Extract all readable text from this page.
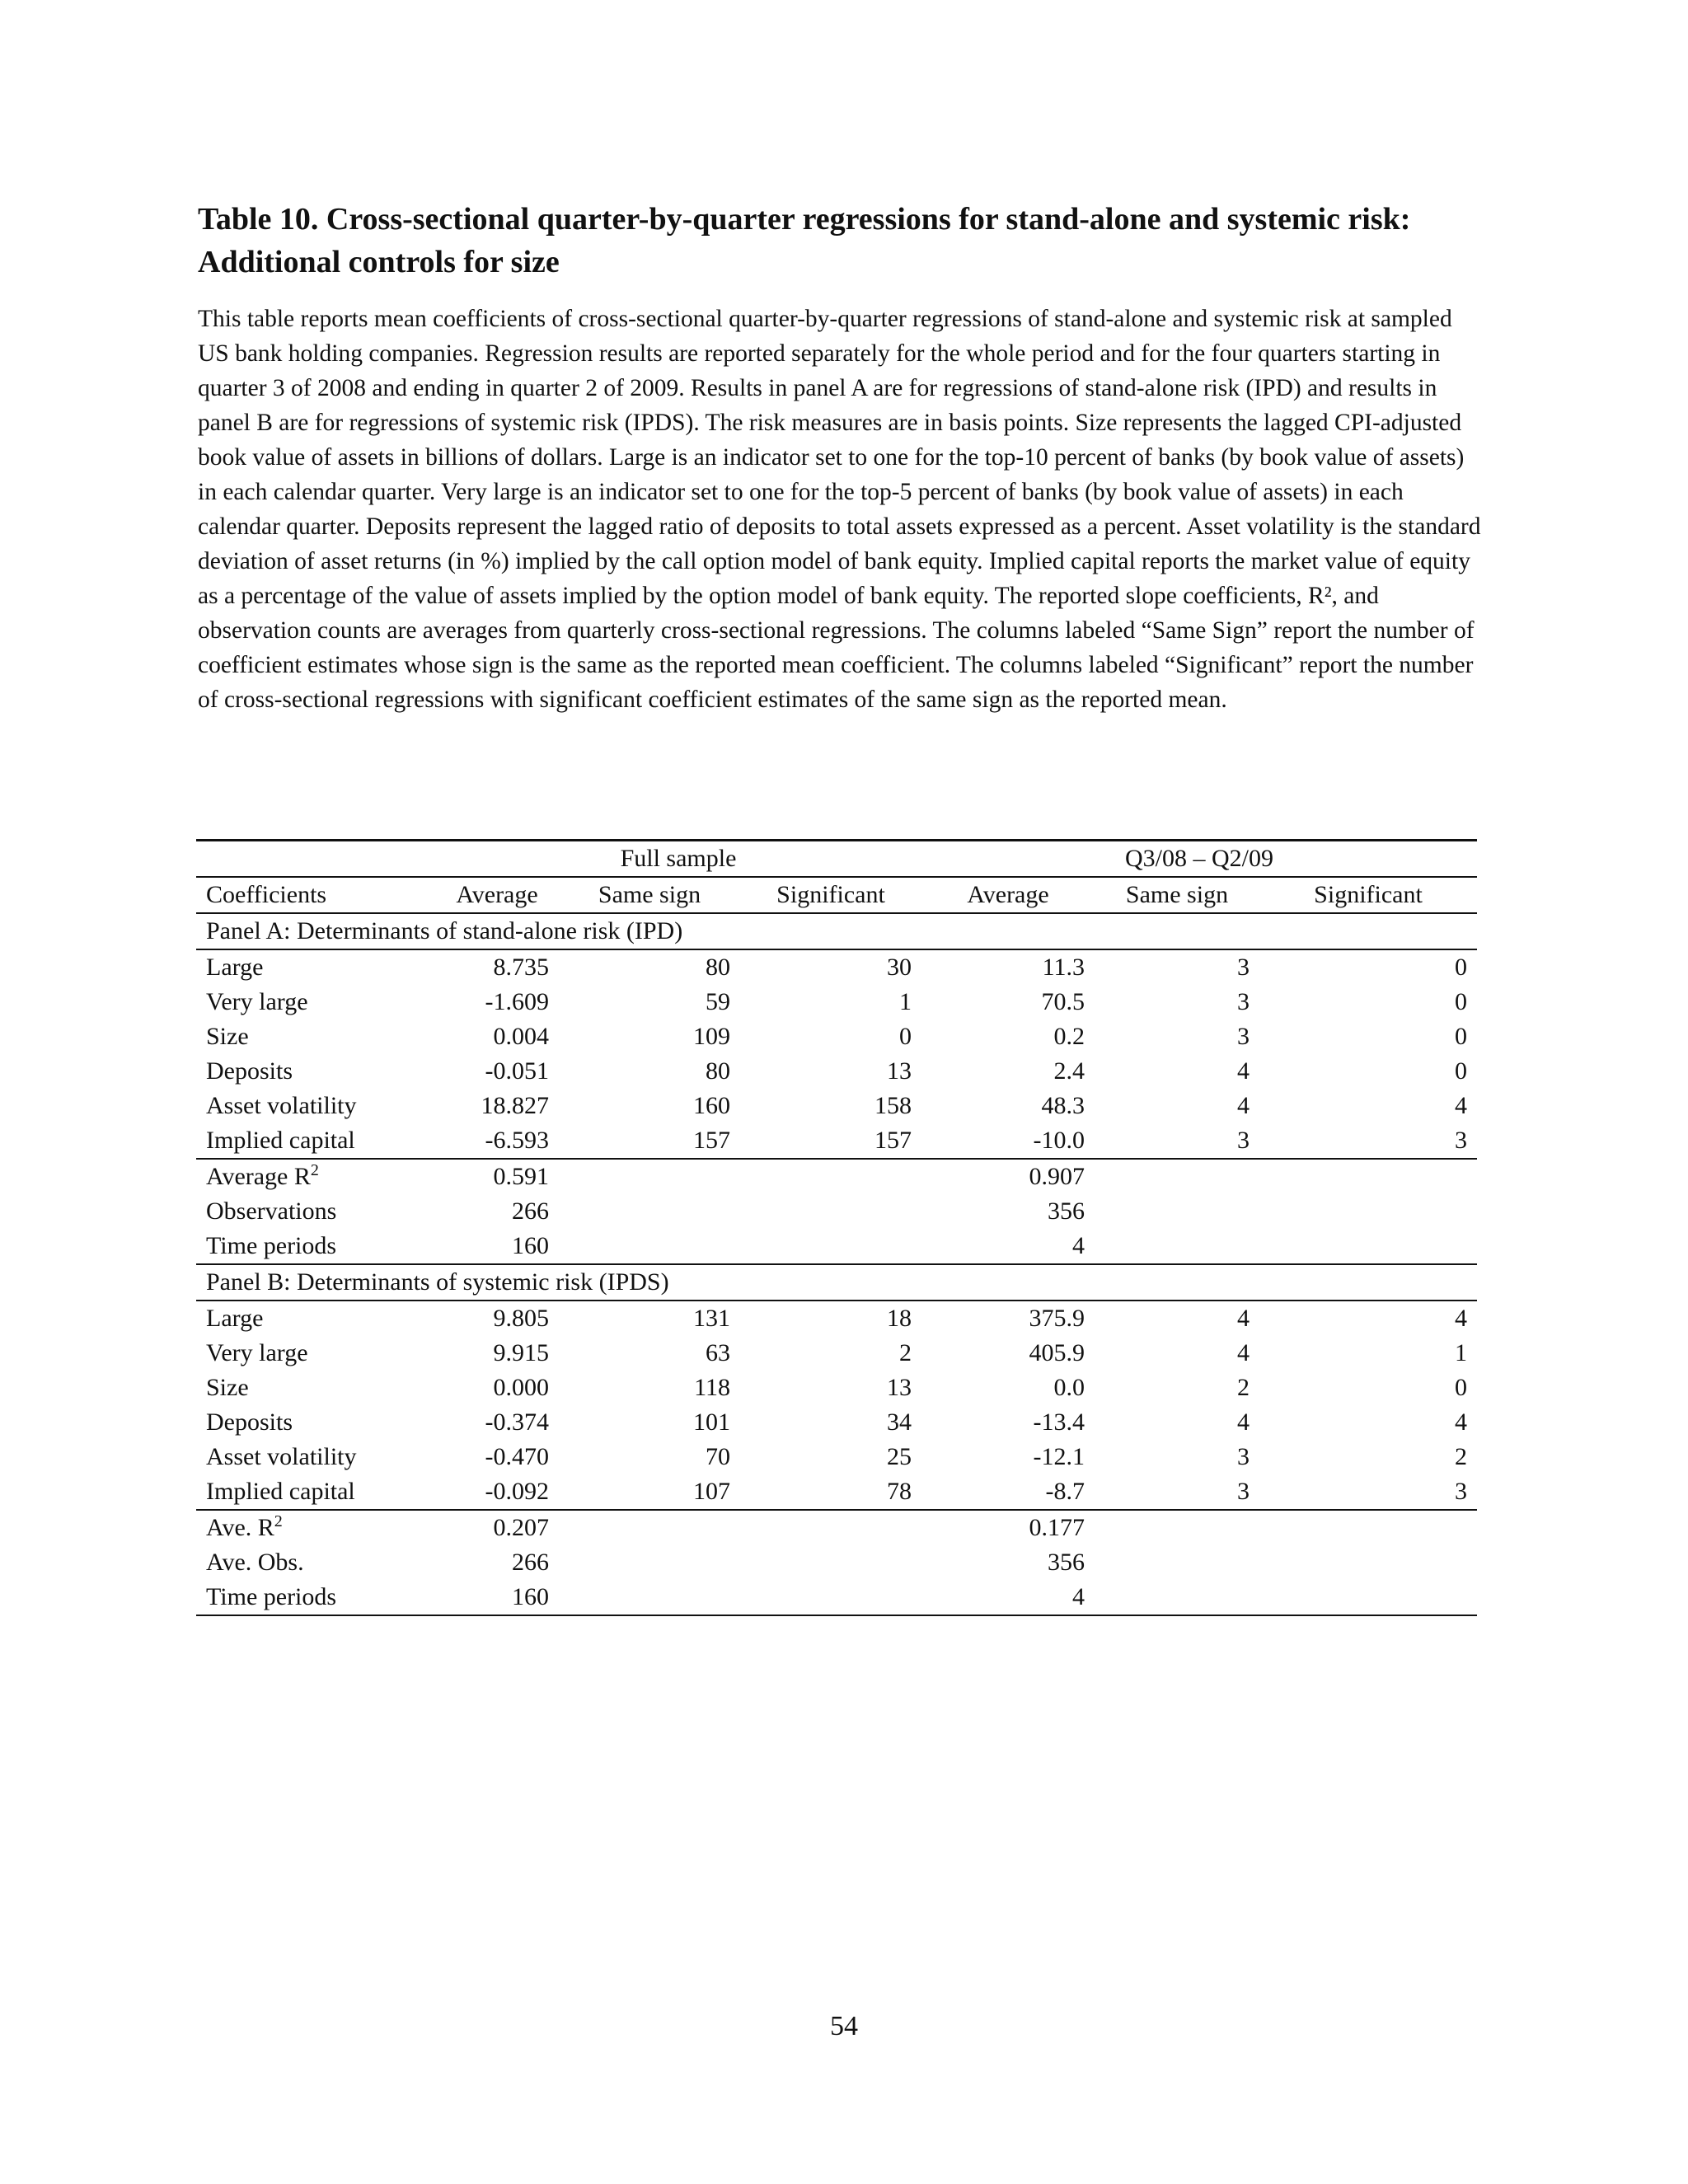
Table 10. Cross-sectional quarter-by-quarter regressions for stand-alone and systemic risk:
Additional controls for size

This table reports mean coefficients of cross-sectional quarter-by-quarter regressions of stand-alone and systemic risk at sampled US bank holding companies. Regression results are reported separately for the whole period and for the four quarters starting in quarter 3 of 2008 and ending in quarter 2 of 2009. Results in panel A are for regressions of stand-alone risk (IPD) and results in panel B are for regressions of systemic risk (IPDS). The risk measures are in basis points. Size represents the lagged CPI-adjusted book value of assets in billions of dollars. Large is an indicator set to one for the top-10 percent of banks (by book value of assets) in each calendar quarter. Very large is an indicator set to one for the top-5 percent of banks (by book value of assets) in each calendar quarter. Deposits represent the lagged ratio of deposits to total assets expressed as a percent. Asset volatility is the standard deviation of asset returns (in %) implied by the call option model of bank equity. Implied capital reports the market value of equity as a percentage of the value of assets implied by the option model of bank equity. The reported slope coefficients, R², and observation counts are averages from quarterly cross-sectional regressions. The columns labeled “Same Sign” report the number of coefficient estimates whose sign is the same as the reported mean coefficient. The columns labeled “Significant” report the number of cross-sectional regressions with significant coefficient estimates of the same sign as the reported mean.

	Full sample			Q3/08 – Q2/09		
Coefficients	Average	Same sign	Significant	Average	Same sign	Significant
Panel A: Determinants of stand-alone risk (IPD)						
Large	8.735	80	30	11.3	3	0
Very large	-1.609	59	1	70.5	3	0
Size	0.004	109	0	0.2	3	0
Deposits	-0.051	80	13	2.4	4	0
Asset volatility	18.827	160	158	48.3	4	4
Implied capital	-6.593	157	157	-10.0	3	3
Average $R^2$	0.591			0.907		
Observations	266			356		
Time periods	160			4		
Panel B: Determinants of systemic risk (IPDS)						
Large	9.805	131	18	375.9	4	4
Very large	9.915	63	2	405.9	4	1
Size	0.000	118	13	0.0	2	0
Deposits	-0.374	101	34	-13.4	4	4
Asset volatility	-0.470	70	25	-12.1	3	2
Implied capital	-0.092	107	78	-8.7	3	3
Ave. $R^2$	0.207			0.177		
Ave. Obs.	266			356		
Time periods	160			4		
54
